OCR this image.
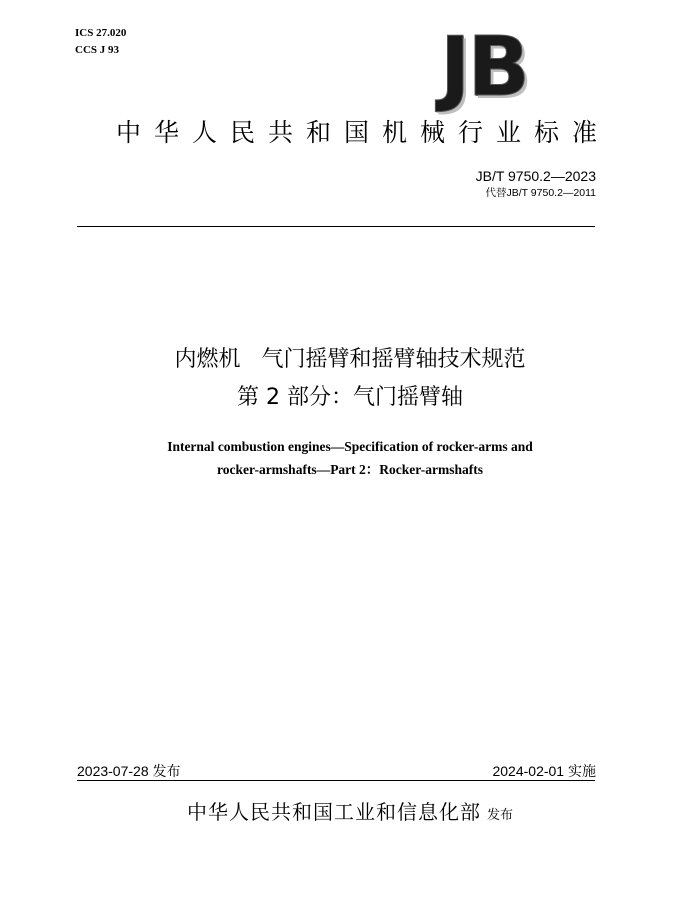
ICS 27.020
CCS J 93	JB
中华人民共和国机械行业标准
JB/T 9750.2—2023
代替JB/T 9750.2—2011
内燃机   气门摇臂和摇臂轴技术规范
第 2 部分：气门摇臂轴
Internal combustion engines—Specification of rocker-arms and
rocker-armshafts—Part 2：Rocker-armshafts
2023-07-28 发布	2024-02-01 实施
中华人民共和国工业和信息化部 发布
